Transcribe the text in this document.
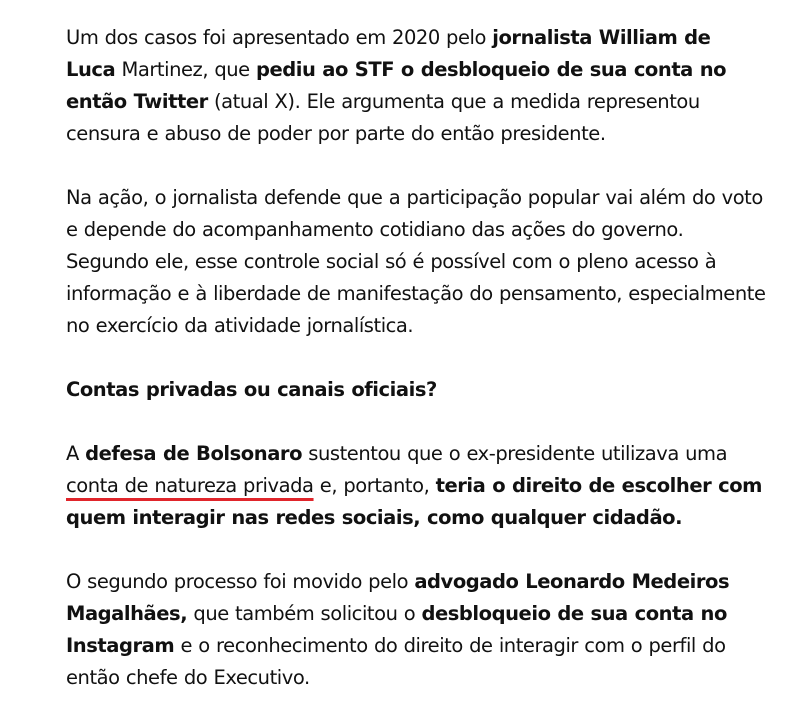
Um dos casos foi apresentado em 2020 pelo jornalista William de Luca Martinez, que pediu ao STF o desbloqueio de sua conta no então Twitter (atual X). Ele argumenta que a medida representou censura e abuso de poder por parte do então presidente.

Na ação, o jornalista defende que a participação popular vai além do voto e depende do acompanhamento cotidiano das ações do governo. Segundo ele, esse controle social só é possível com o pleno acesso à informação e à liberdade de manifestação do pensamento, especialmente no exercício da atividade jornalística.

Contas privadas ou canais oficiais?

A defesa de Bolsonaro sustentou que o ex-presidente utilizava uma conta de natureza privada e, portanto, teria o direito de escolher com quem interagir nas redes sociais, como qualquer cidadão.

O segundo processo foi movido pelo advogado Leonardo Medeiros Magalhães, que também solicitou o desbloqueio de sua conta no Instagram e o reconhecimento do direito de interagir com o perfil do então chefe do Executivo.
